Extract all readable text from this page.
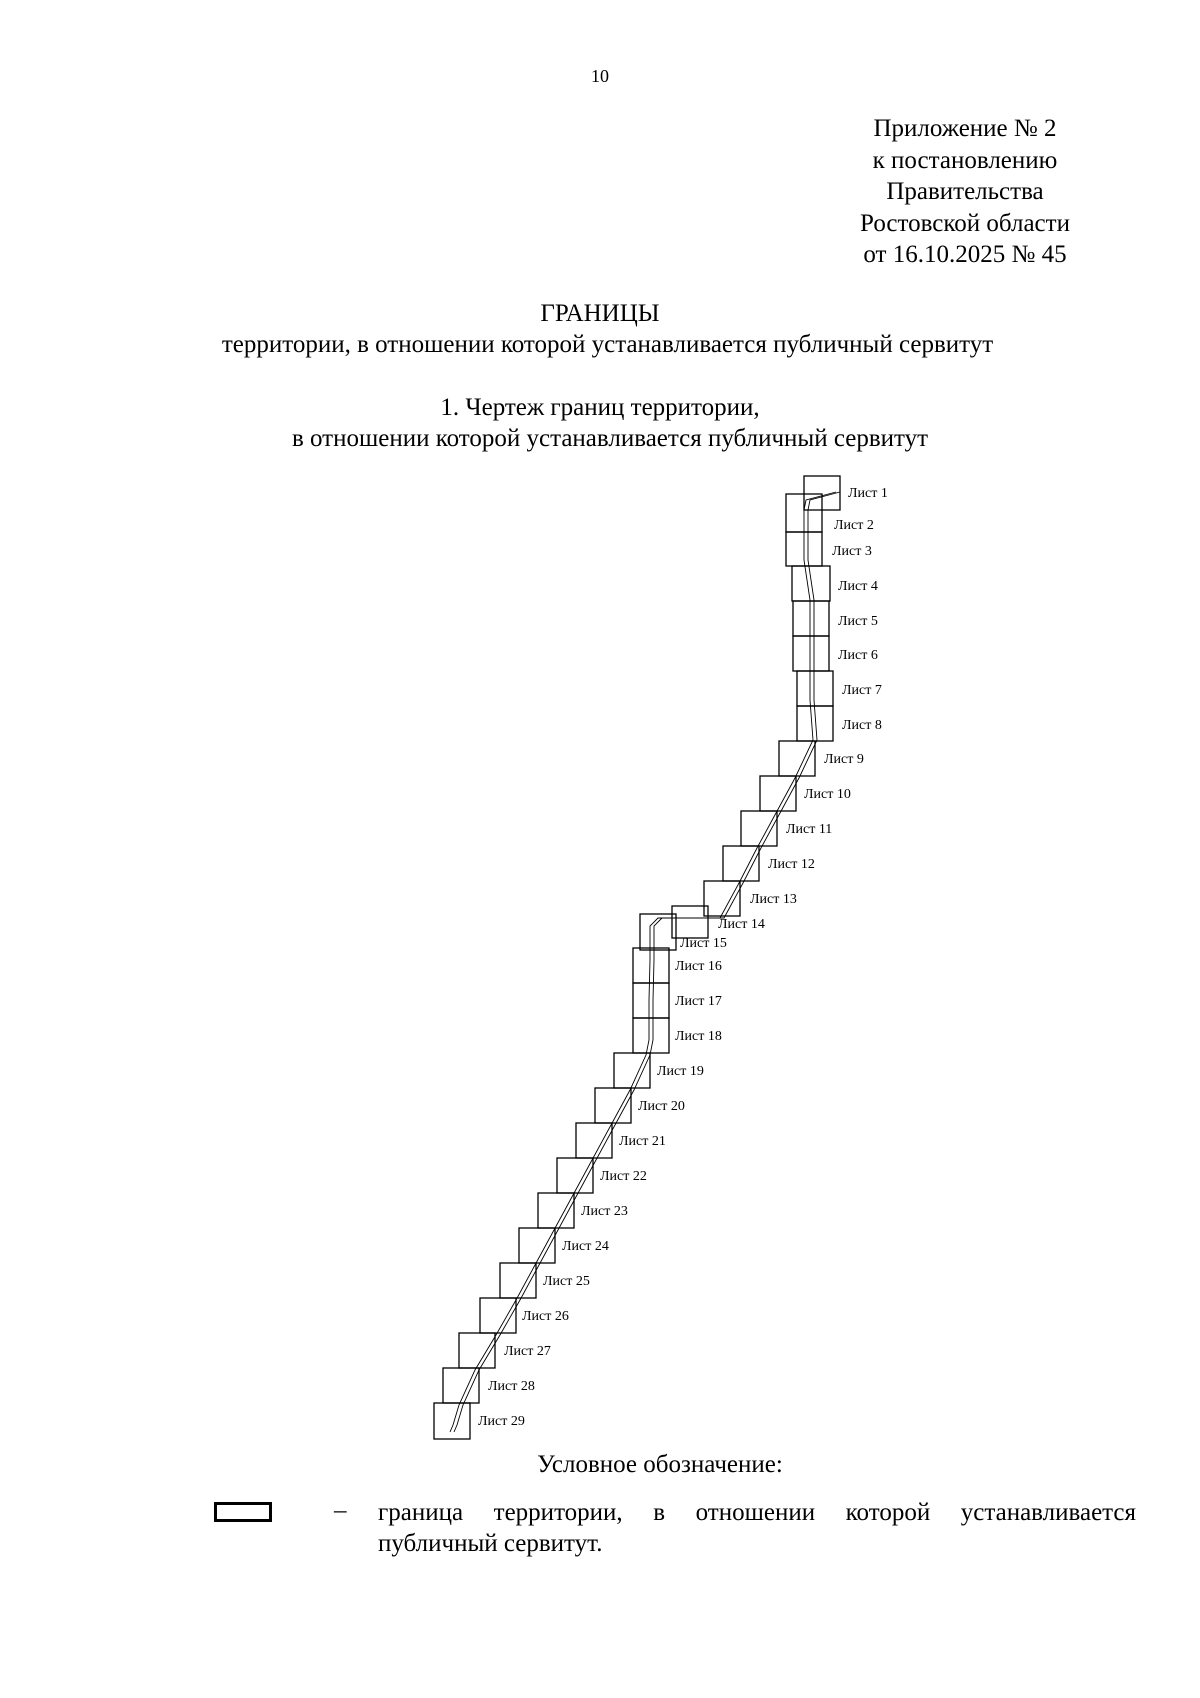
10
Приложение № 2
к постановлению
Правительства
Ростовской области
от 16.10.2025 № 45
ГРАНИЦЫ
территории, в отношении которой устанавливается публичный сервитут
1. Чертеж границ территории,
в отношении которой устанавливается публичный сервитут
Лист 1
Лист 2
Лист 3
Лист 4
Лист 5
Лист 6
Лист 7
Лист 8
Лист 9
Лист 10
Лист 11
Лист 12
Лист 13
Лист 14
Лист 15
Лист 16
Лист 17
Лист 18
Лист 19
Лист 20
Лист 21
Лист 22
Лист 23
Лист 24
Лист 25
Лист 26
Лист 27
Лист 28
Лист 29
Условное обозначение:
– граница территории, в отношении которой устанавливается публичный сервитут.
